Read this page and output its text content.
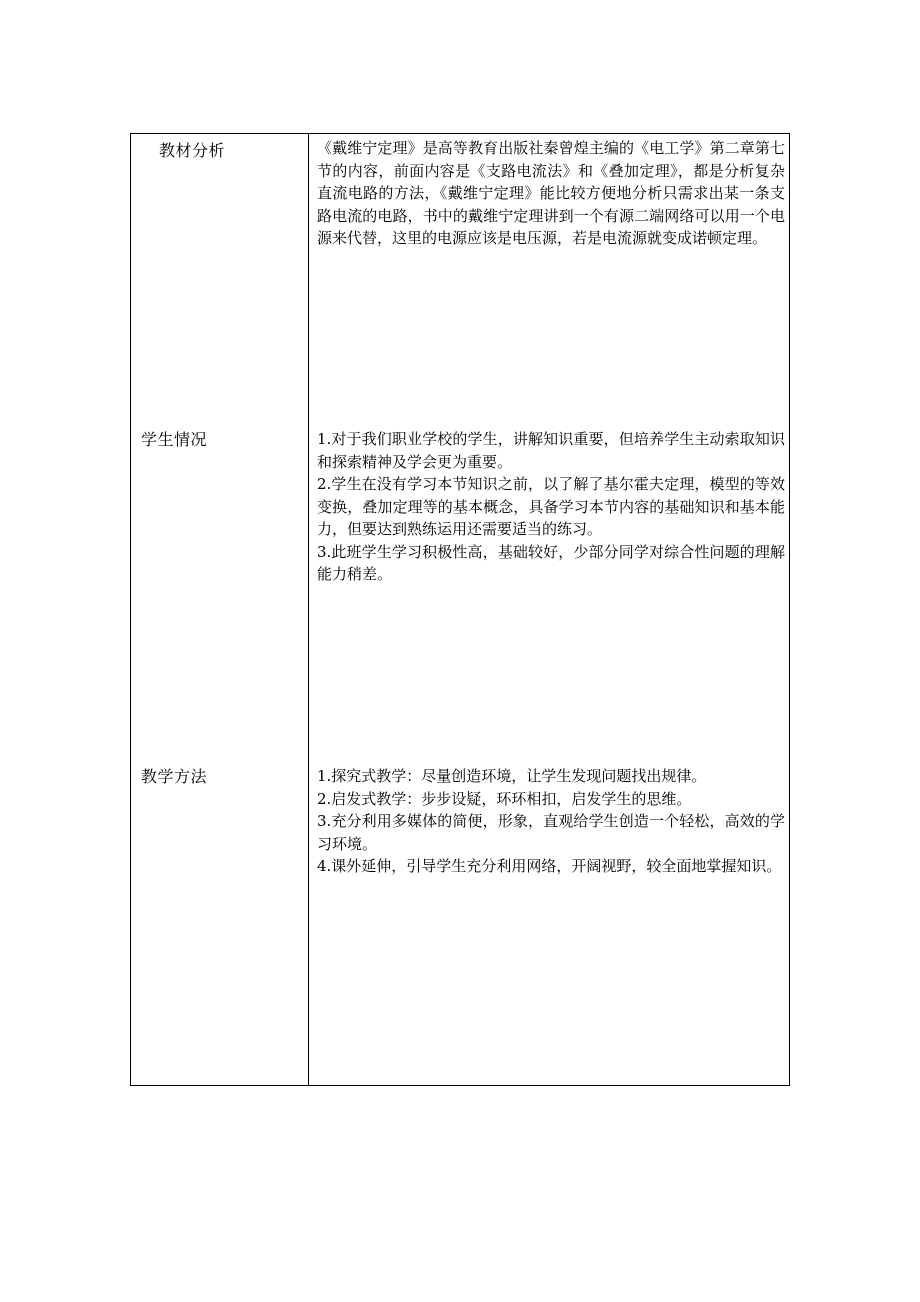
教材分析	《戴维宁定理》是高等教育出版社秦曾煌主编的《电工学》第二章第七节的内容，前面内容是《支路电流法》和《叠加定理》，都是分析复杂直流电路的方法，《戴维宁定理》能比较方便地分析只需求出某一条支路电流的电路，书中的戴维宁定理讲到一个有源二端网络可以用一个电源来代替，这里的电源应该是电压源，若是电流源就变成诺顿定理。

学生情况	1.对于我们职业学校的学生，讲解知识重要，但培养学生主动索取知识和探索精神及学会更为重要。

2.学生在没有学习本节知识之前，以了解了基尔霍夫定理，模型的等效变换，叠加定理等的基本概念，具备学习本节内容的基础知识和基本能力，但要达到熟练运用还需要适当的练习。

3.此班学生学习积极性高，基础较好，少部分同学对综合性问题的理解能力稍差。

教学方法	1.探究式教学：尽量创造环境，让学生发现问题找出规律。

2.启发式教学：步步设疑，环环相扣，启发学生的思维。

3.充分利用多媒体的简便，形象，直观给学生创造一个轻松，高效的学习环境。

4.课外延伸，引导学生充分利用网络，开阔视野，较全面地掌握知识。
